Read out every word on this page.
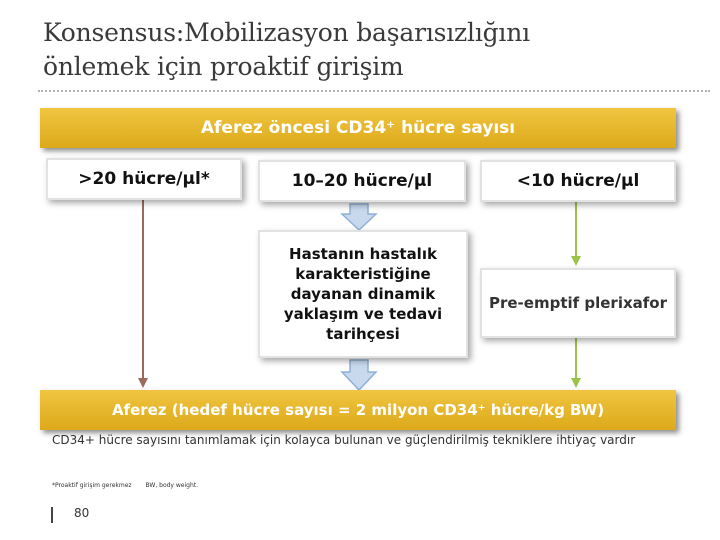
Konsensus:Mobilizasyon başarısızlığını
önlemek için proaktif girişim
Aferez öncesi CD34⁺ hücre sayısı
>20 hücre/µl*	10–20 hücre/µl	<10 hücre/µl
Hastanın hastalık karakteristiğine dayanan dinamik yaklaşım ve tedavi tarihçesi
Pre-emptif plerixafor
Aferez (hedef hücre sayısı = 2 milyon CD34⁺ hücre/kg BW)
CD34+ hücre sayısını tanımlamak için kolayca bulunan ve güçlendirilmiş tekniklere ihtiyaç vardır
*Proaktif girişim gerekmez BW, body weight.
80
